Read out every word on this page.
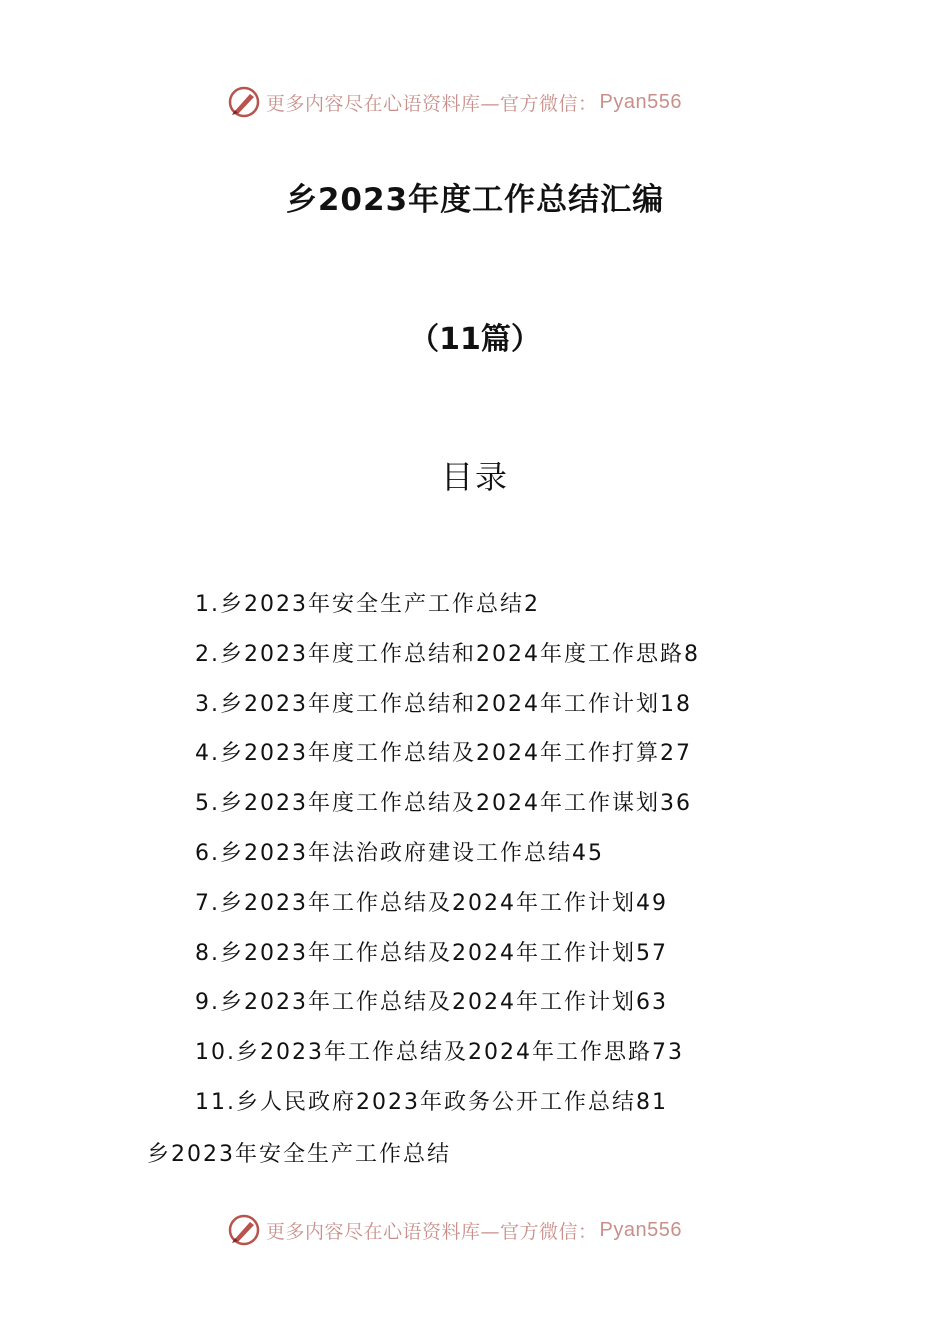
更多内容尽在心语资料库—官方微信： Pyan556
乡2023年度工作总结汇编
（11篇）
目录
1.乡2023年安全生产工作总结2
2.乡2023年度工作总结和2024年度工作思路8
3.乡2023年度工作总结和2024年工作计划18
4.乡2023年度工作总结及2024年工作打算27
5.乡2023年度工作总结及2024年工作谋划36
6.乡2023年法治政府建设工作总结45
7.乡2023年工作总结及2024年工作计划49
8.乡2023年工作总结及2024年工作计划57
9.乡2023年工作总结及2024年工作计划63
10.乡2023年工作总结及2024年工作思路73
11.乡人民政府2023年政务公开工作总结81
乡2023年安全生产工作总结
更多内容尽在心语资料库—官方微信： Pyan556
